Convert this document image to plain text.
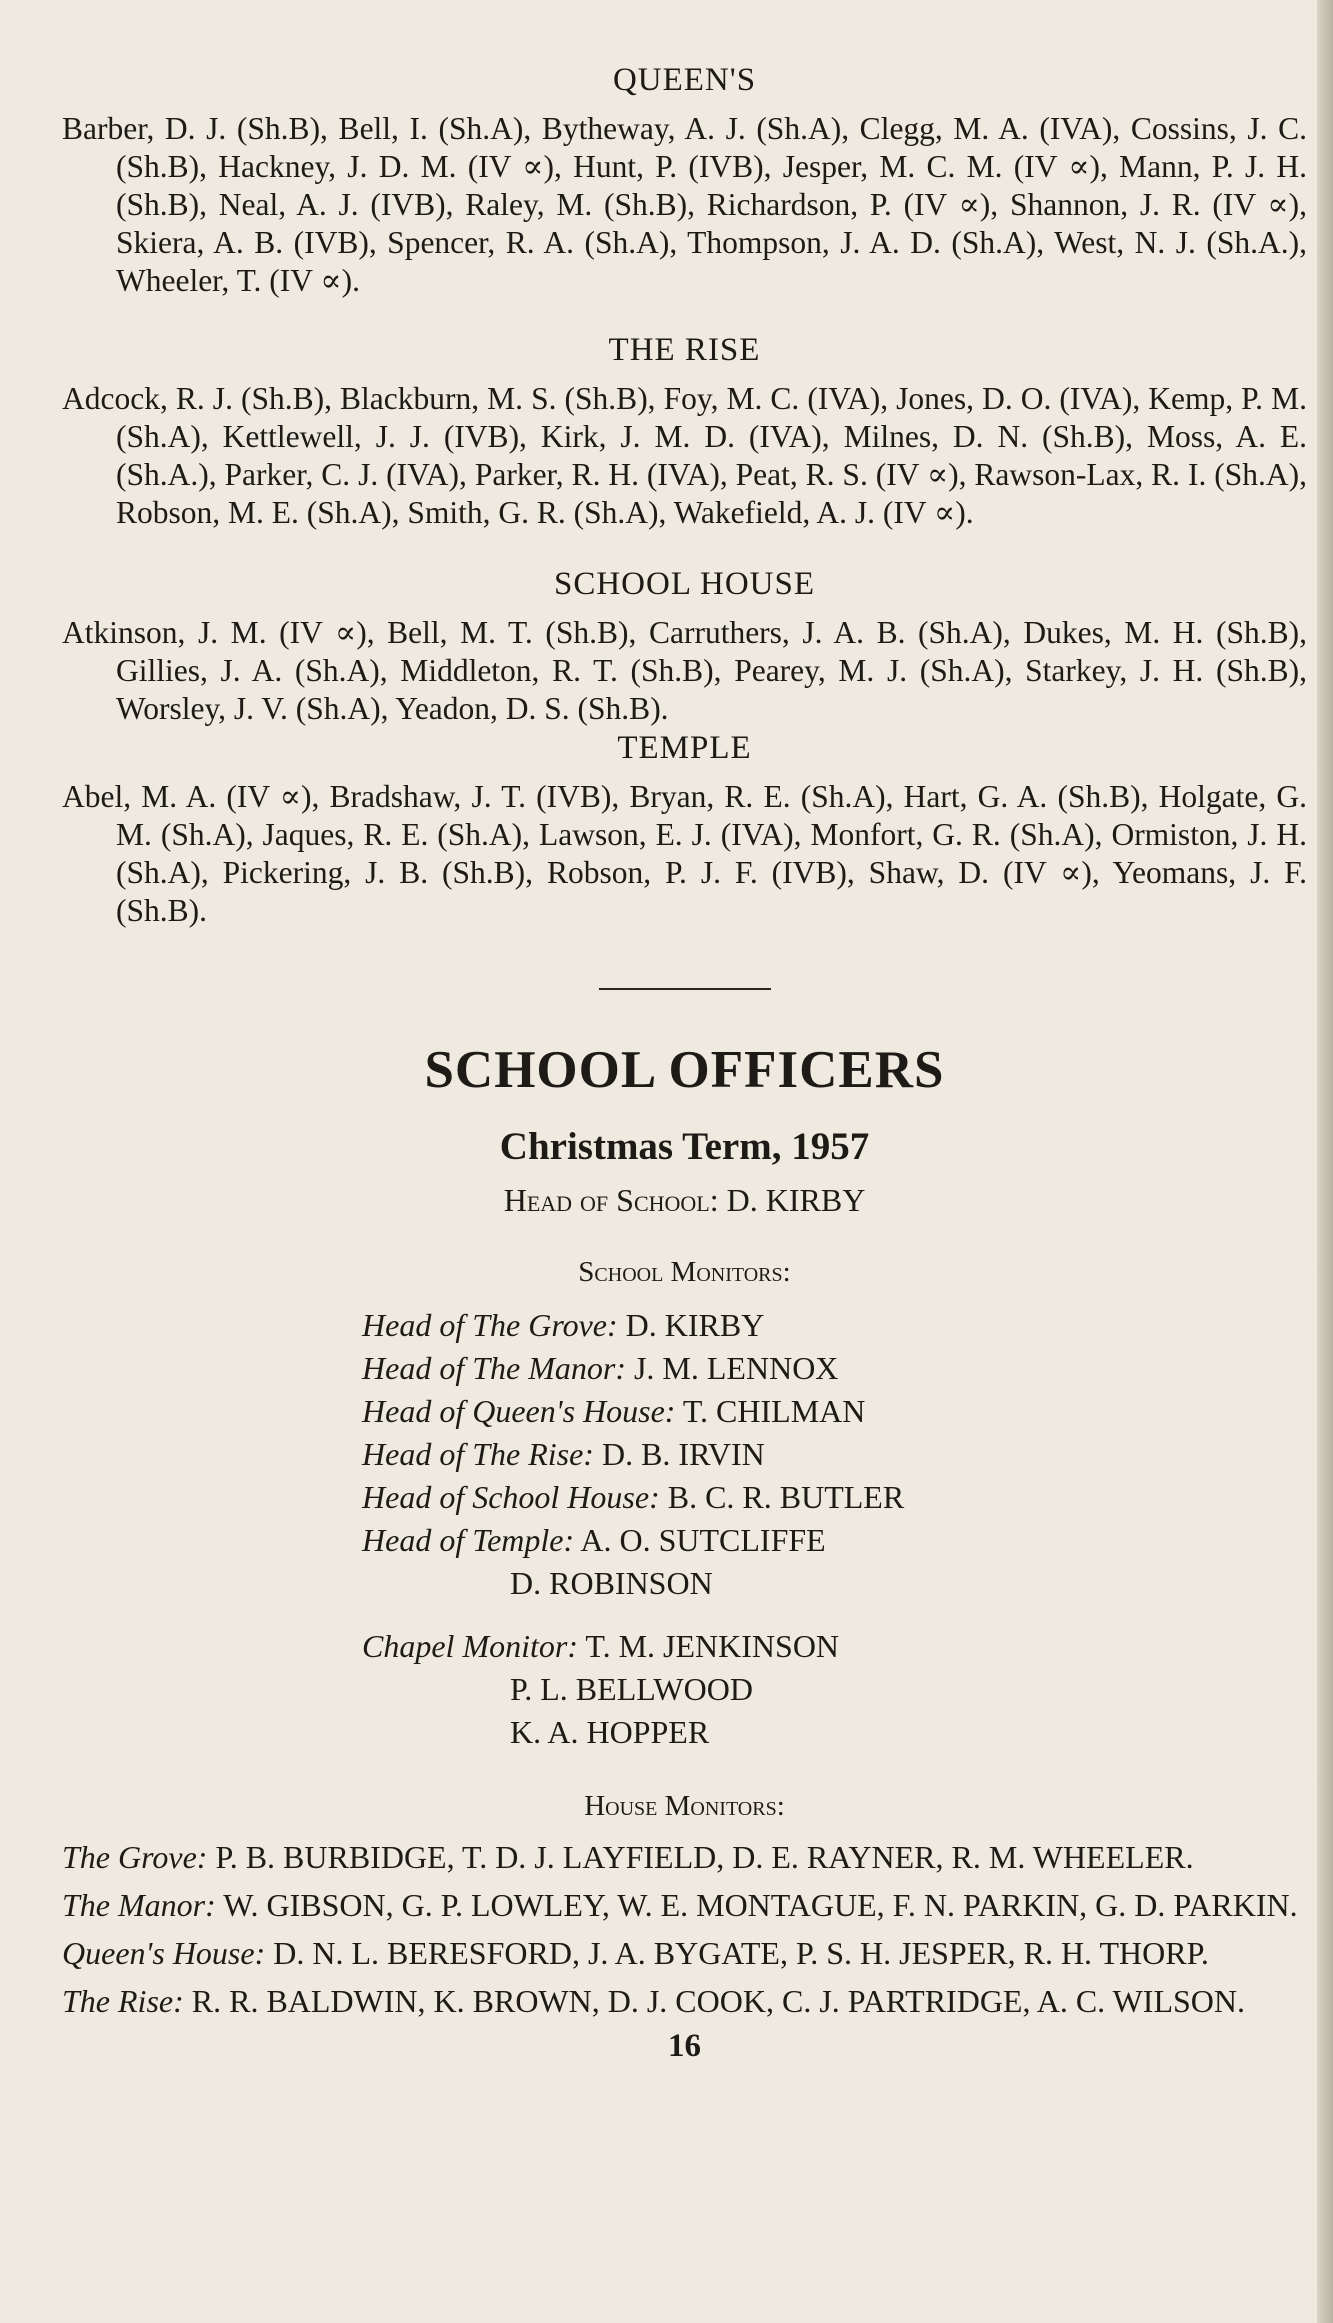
QUEEN'S

Barber, D. J. (Sh.B), Bell, I. (Sh.A), Bytheway, A. J. (Sh.A), Clegg, M. A. (IVA), Cossins, J. C. (Sh.B), Hackney, J. D. M. (IV ∝), Hunt, P. (IVB), Jesper, M. C. M. (IV ∝), Mann, P. J. H. (Sh.B), Neal, A. J. (IVB), Raley, M. (Sh.B), Richardson, P. (IV ∝), Shannon, J. R. (IV ∝), Skiera, A. B. (IVB), Spencer, R. A. (Sh.A), Thompson, J. A. D. (Sh.A), West, N. J. (Sh.A.), Wheeler, T. (IV ∝).

THE RISE

Adcock, R. J. (Sh.B), Blackburn, M. S. (Sh.B), Foy, M. C. (IVA), Jones, D. O. (IVA), Kemp, P. M. (Sh.A), Kettlewell, J. J. (IVB), Kirk, J. M. D. (IVA), Milnes, D. N. (Sh.B), Moss, A. E. (Sh.A.), Parker, C. J. (IVA), Parker, R. H. (IVA), Peat, R. S. (IV ∝), Rawson-Lax, R. I. (Sh.A), Robson, M. E. (Sh.A), Smith, G. R. (Sh.A), Wakefield, A. J. (IV ∝).

SCHOOL HOUSE

Atkinson, J. M. (IV ∝), Bell, M. T. (Sh.B), Carruthers, J. A. B. (Sh.A), Dukes, M. H. (Sh.B), Gillies, J. A. (Sh.A), Middleton, R. T. (Sh.B), Pearey, M. J. (Sh.A), Starkey, J. H. (Sh.B), Worsley, J. V. (Sh.A), Yeadon, D. S. (Sh.B).

TEMPLE

Abel, M. A. (IV ∝), Bradshaw, J. T. (IVB), Bryan, R. E. (Sh.A), Hart, G. A. (Sh.B), Holgate, G. M. (Sh.A), Jaques, R. E. (Sh.A), Lawson, E. J. (IVA), Monfort, G. R. (Sh.A), Ormiston, J. H. (Sh.A), Pickering, J. B. (Sh.B), Robson, P. J. F. (IVB), Shaw, D. (IV ∝), Yeomans, J. F. (Sh.B).

SCHOOL OFFICERS

Christmas Term, 1957

Head of School: D. KIRBY

School Monitors:

Head of The Grove: D. KIRBY
Head of The Manor: J. M. LENNOX
Head of Queen's House: T. CHILMAN
Head of The Rise: D. B. IRVIN
Head of School House: B. C. R. BUTLER
Head of Temple: A. O. SUTCLIFFE
D. ROBINSON
Chapel Monitor: T. M. JENKINSON
P. L. BELLWOOD
K. A. HOPPER

House Monitors:

The Grove: P. B. BURBIDGE, T. D. J. LAYFIELD, D. E. RAYNER, R. M. WHEELER.

The Manor: W. GIBSON, G. P. LOWLEY, W. E. MONTAGUE, F. N. PARKIN, G. D. PARKIN.

Queen's House: D. N. L. BERESFORD, J. A. BYGATE, P. S. H. JESPER, R. H. THORP.

The Rise: R. R. BALDWIN, K. BROWN, D. J. COOK, C. J. PARTRIDGE, A. C. WILSON.

16
